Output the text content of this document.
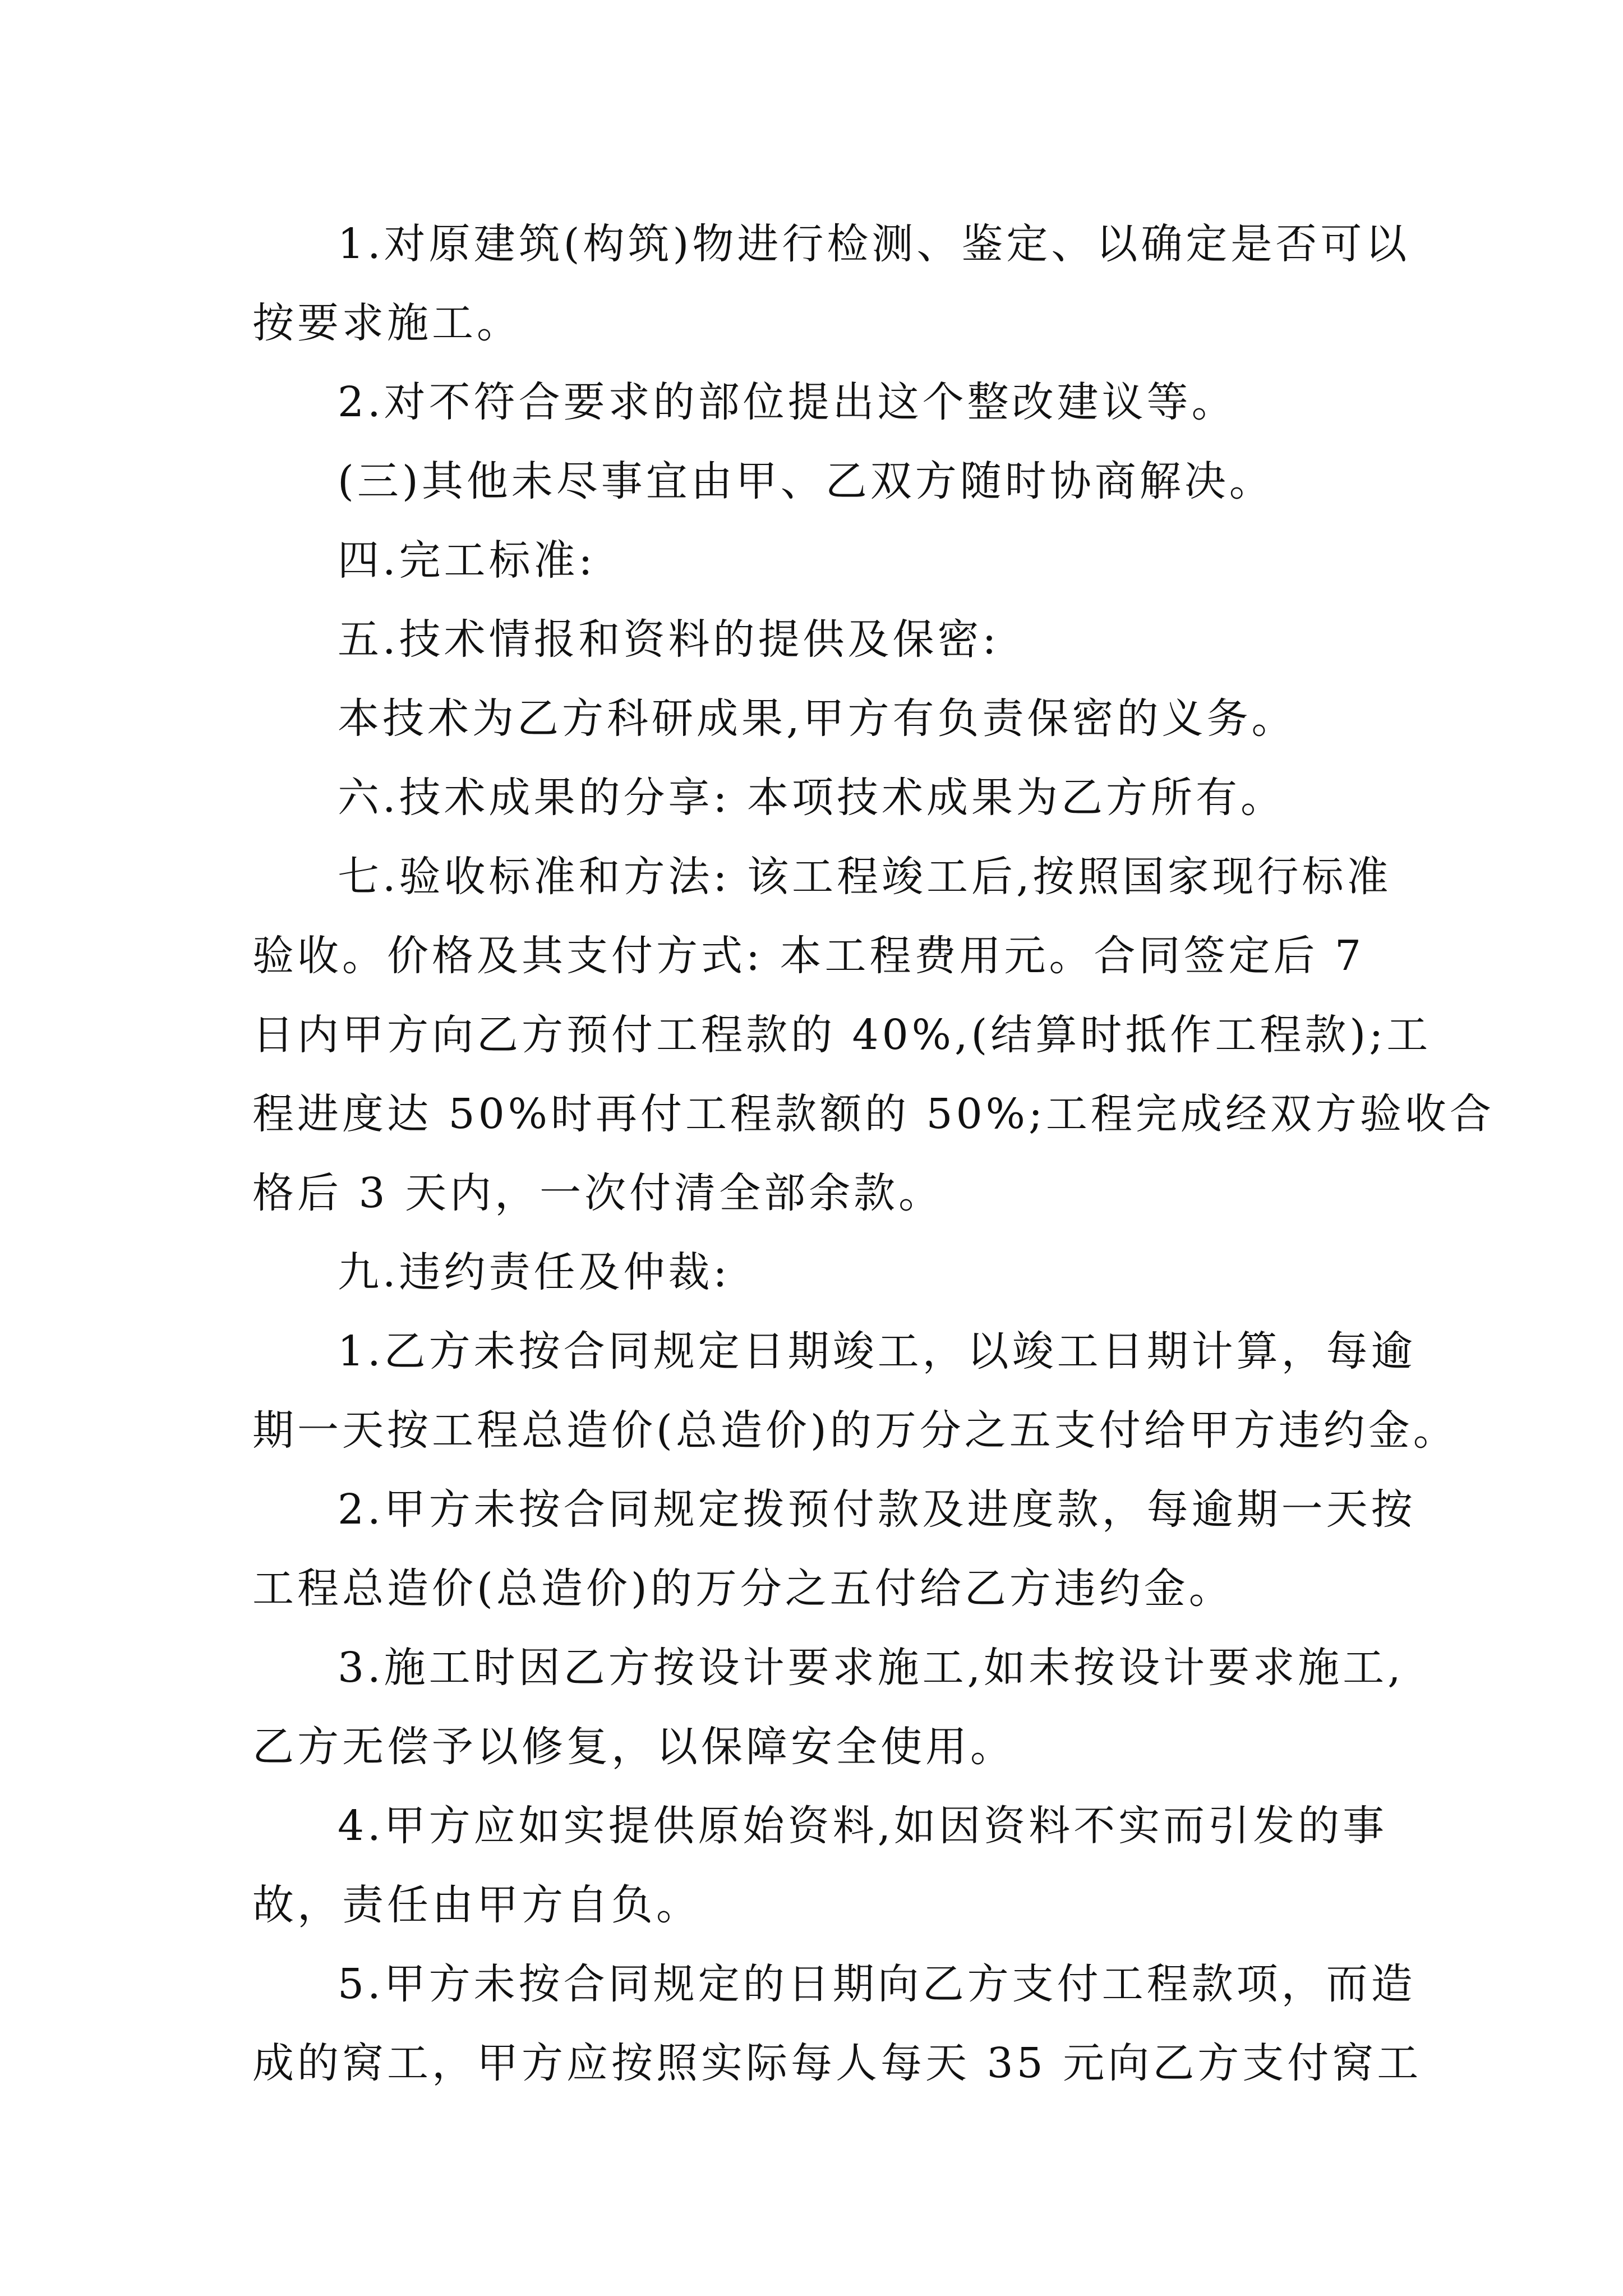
1.对原建筑(构筑)物进行检测、鉴定、以确定是否可以
按要求施工。
2.对不符合要求的部位提出这个整改建议等。
(三)其他未尽事宜由甲、乙双方随时协商解决。
四.完工标准:
五.技术情报和资料的提供及保密:
本技术为乙方科研成果,甲方有负责保密的义务。
六.技术成果的分享: 本项技术成果为乙方所有。
七.验收标准和方法: 该工程竣工后,按照国家现行标准
验收。价格及其支付方式: 本工程费用元。合同签定后 7
日内甲方向乙方预付工程款的 40%,(结算时抵作工程款);工
程进度达 50%时再付工程款额的 50%;工程完成经双方验收合
格后 3 天内，一次付清全部余款。
九.违约责任及仲裁:
1.乙方未按合同规定日期竣工，以竣工日期计算，每逾
期一天按工程总造价(总造价)的万分之五支付给甲方违约金。
2.甲方未按合同规定拨预付款及进度款，每逾期一天按
工程总造价(总造价)的万分之五付给乙方违约金。
3.施工时因乙方按设计要求施工,如未按设计要求施工,
乙方无偿予以修复，以保障安全使用。
4.甲方应如实提供原始资料,如因资料不实而引发的事
故，责任由甲方自负。
5.甲方未按合同规定的日期向乙方支付工程款项，而造
成的窝工，甲方应按照实际每人每天 35 元向乙方支付窝工
